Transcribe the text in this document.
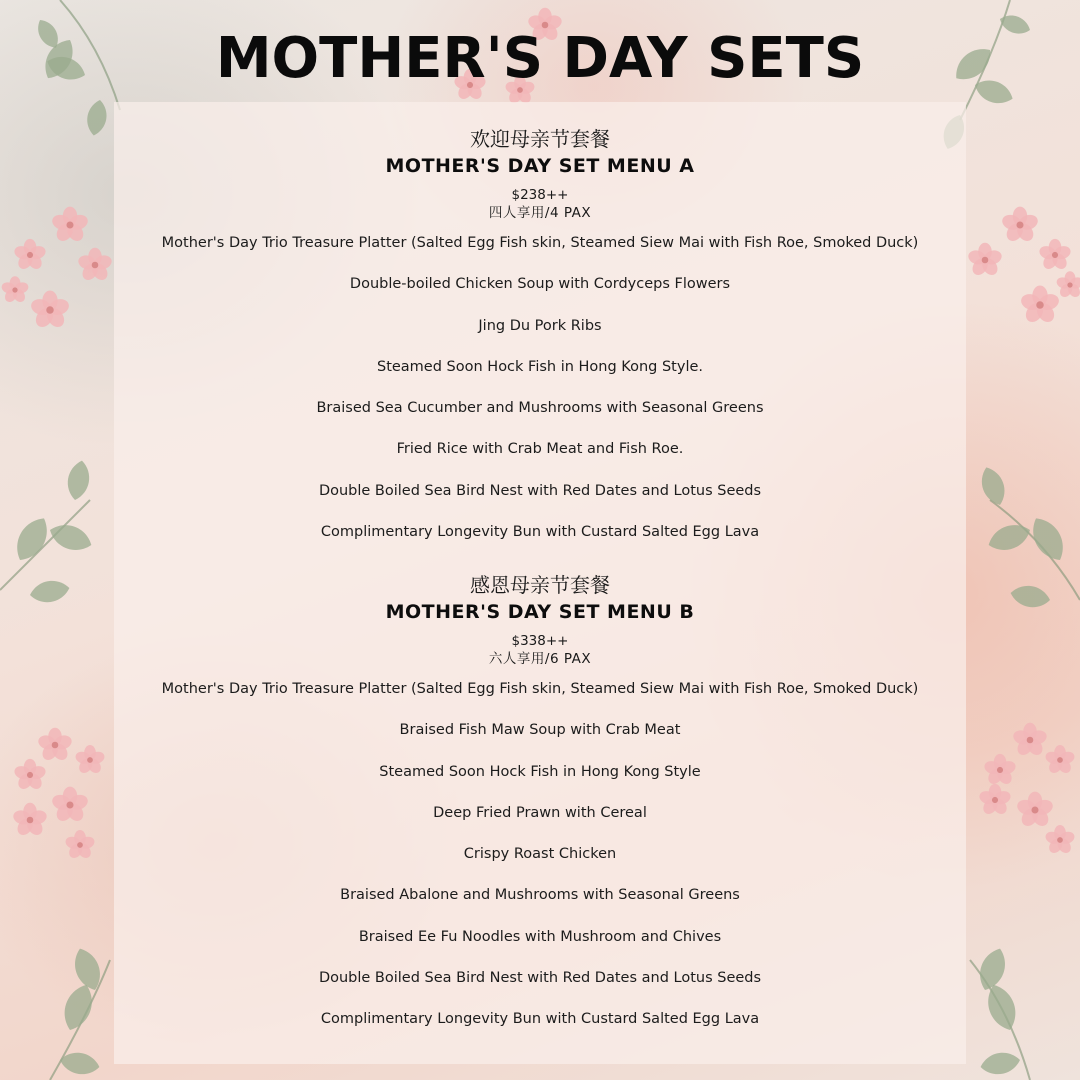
MOTHER'S DAY SETS
欢迎母亲节套餐
MOTHER'S DAY SET MENU A
$238++
四人享用/4 PAX
Mother's Day Trio Treasure Platter (Salted Egg Fish skin, Steamed Siew Mai with Fish Roe, Smoked Duck)
Double-boiled Chicken Soup with Cordyceps Flowers
Jing Du Pork Ribs
Steamed Soon Hock Fish in Hong Kong Style.
Braised Sea Cucumber and Mushrooms with Seasonal Greens
Fried Rice with Crab Meat and Fish Roe.
Double Boiled Sea Bird Nest with Red Dates and Lotus Seeds
Complimentary Longevity Bun with Custard Salted Egg Lava
感恩母亲节套餐
MOTHER'S DAY SET MENU B
$338++
六人享用/6 PAX
Mother's Day Trio Treasure Platter (Salted Egg Fish skin, Steamed Siew Mai with Fish Roe, Smoked Duck)
Braised Fish Maw Soup with Crab Meat
Steamed Soon Hock Fish in Hong Kong Style
Deep Fried Prawn with Cereal
Crispy Roast Chicken
Braised Abalone and Mushrooms with Seasonal Greens
Braised Ee Fu Noodles with Mushroom and Chives
Double Boiled Sea Bird Nest with Red Dates and Lotus Seeds
Complimentary Longevity Bun with Custard Salted Egg Lava
